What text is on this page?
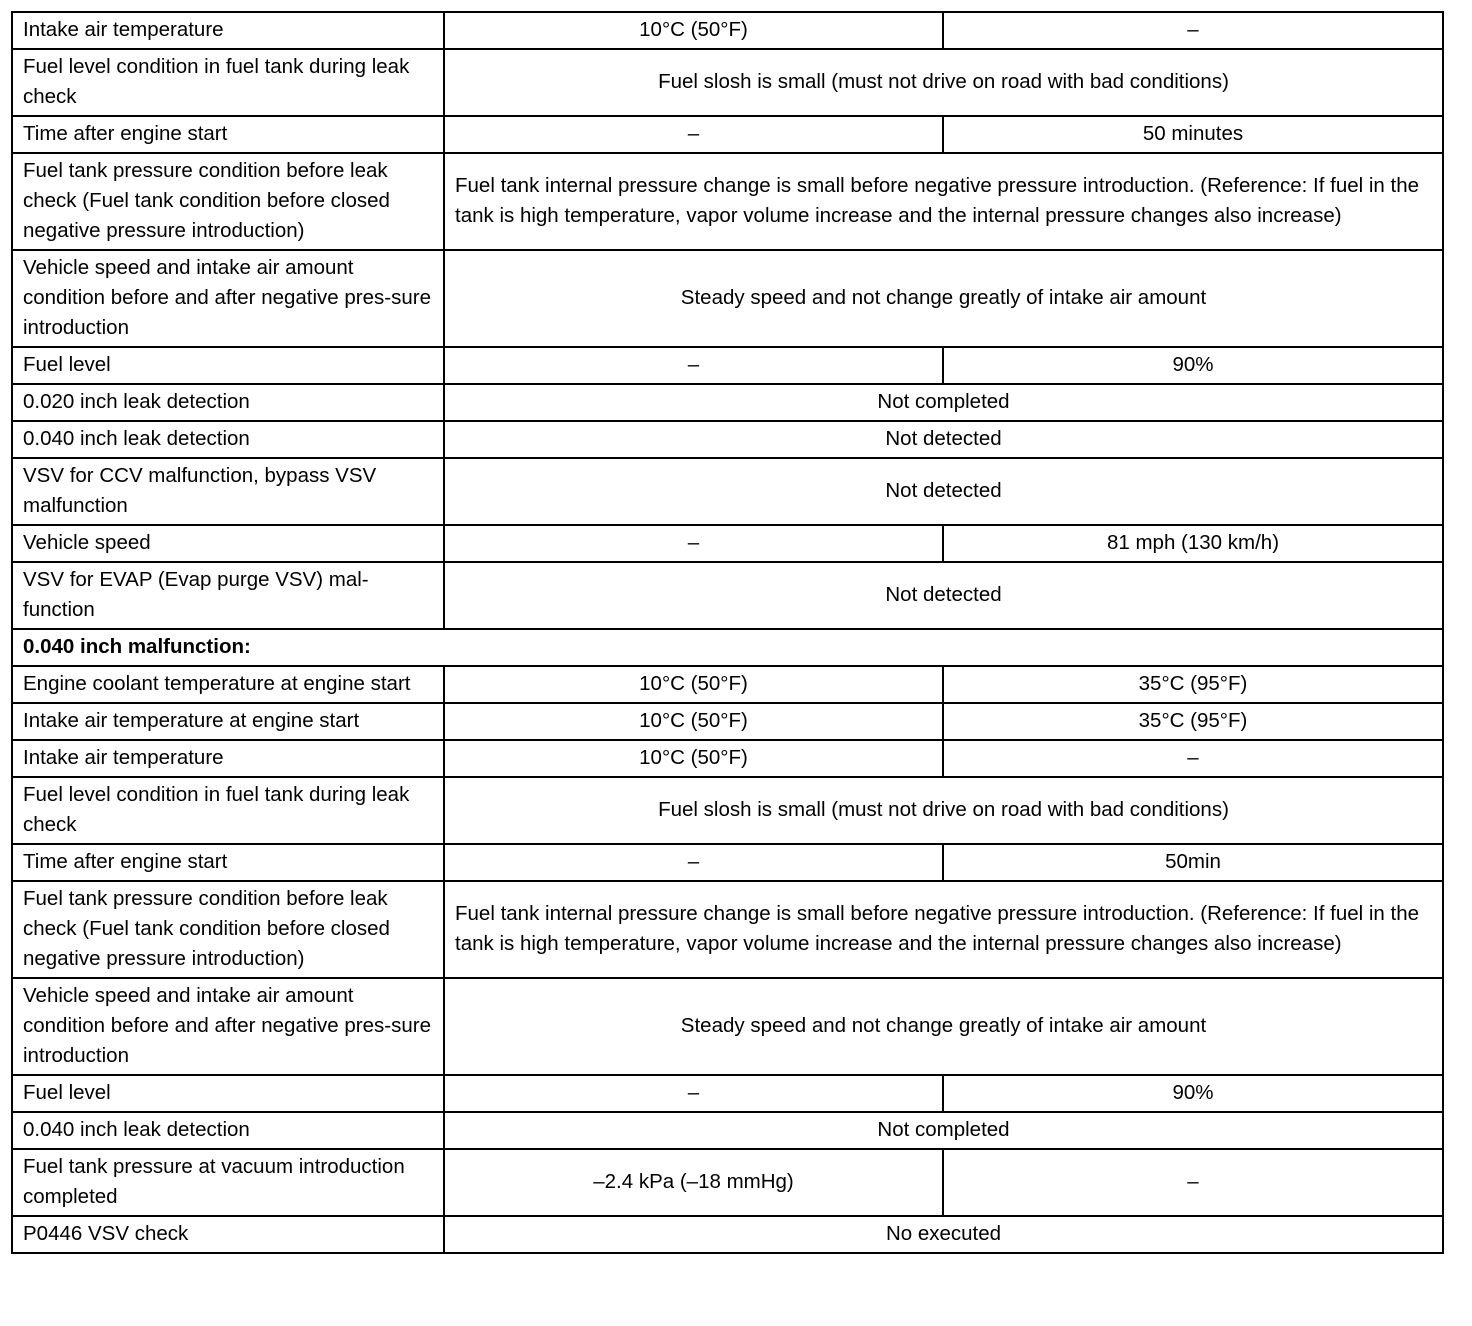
Intake air temperature	10°C (50°F)	–
Fuel level condition in fuel tank during leak check	Fuel slosh is small (must not drive on road with bad conditions)	
Time after engine start	–	50 minutes
Fuel tank pressure condition before leak check (Fuel tank condition before closed negative pressure introduction)	Fuel tank internal pressure change is small before negative pressure introduction. (Reference: If fuel in the tank is high temperature, vapor volume increase and the internal pressure changes also increase)	
Vehicle speed and intake air amount condition before and after negative pres-sure introduction	Steady speed and not change greatly of intake air amount	
Fuel level	–	90%
0.020 inch leak detection	Not completed	
0.040 inch leak detection	Not detected	
VSV for CCV malfunction, bypass VSV malfunction	Not detected	
Vehicle speed	–	81 mph (130 km/h)
VSV for EVAP (Evap purge VSV) mal-function	Not detected	
0.040 inch malfunction:		
Engine coolant temperature at engine start	10°C (50°F)	35°C (95°F)
Intake air temperature at engine start	10°C (50°F)	35°C (95°F)
Intake air temperature	10°C (50°F)	–
Fuel level condition in fuel tank during leak check	Fuel slosh is small (must not drive on road with bad conditions)	
Time after engine start	–	50min
Fuel tank pressure condition before leak check (Fuel tank condition before closed negative pressure introduction)	Fuel tank internal pressure change is small before negative pressure introduction. (Reference: If fuel in the tank is high temperature, vapor volume increase and the internal pressure changes also increase)	
Vehicle speed and intake air amount condition before and after negative pres-sure introduction	Steady speed and not change greatly of intake air amount	
Fuel level	–	90%
0.040 inch leak detection	Not completed	
Fuel tank pressure at vacuum introduction completed	–2.4 kPa (–18 mmHg)	–
P0446 VSV check	No executed	
